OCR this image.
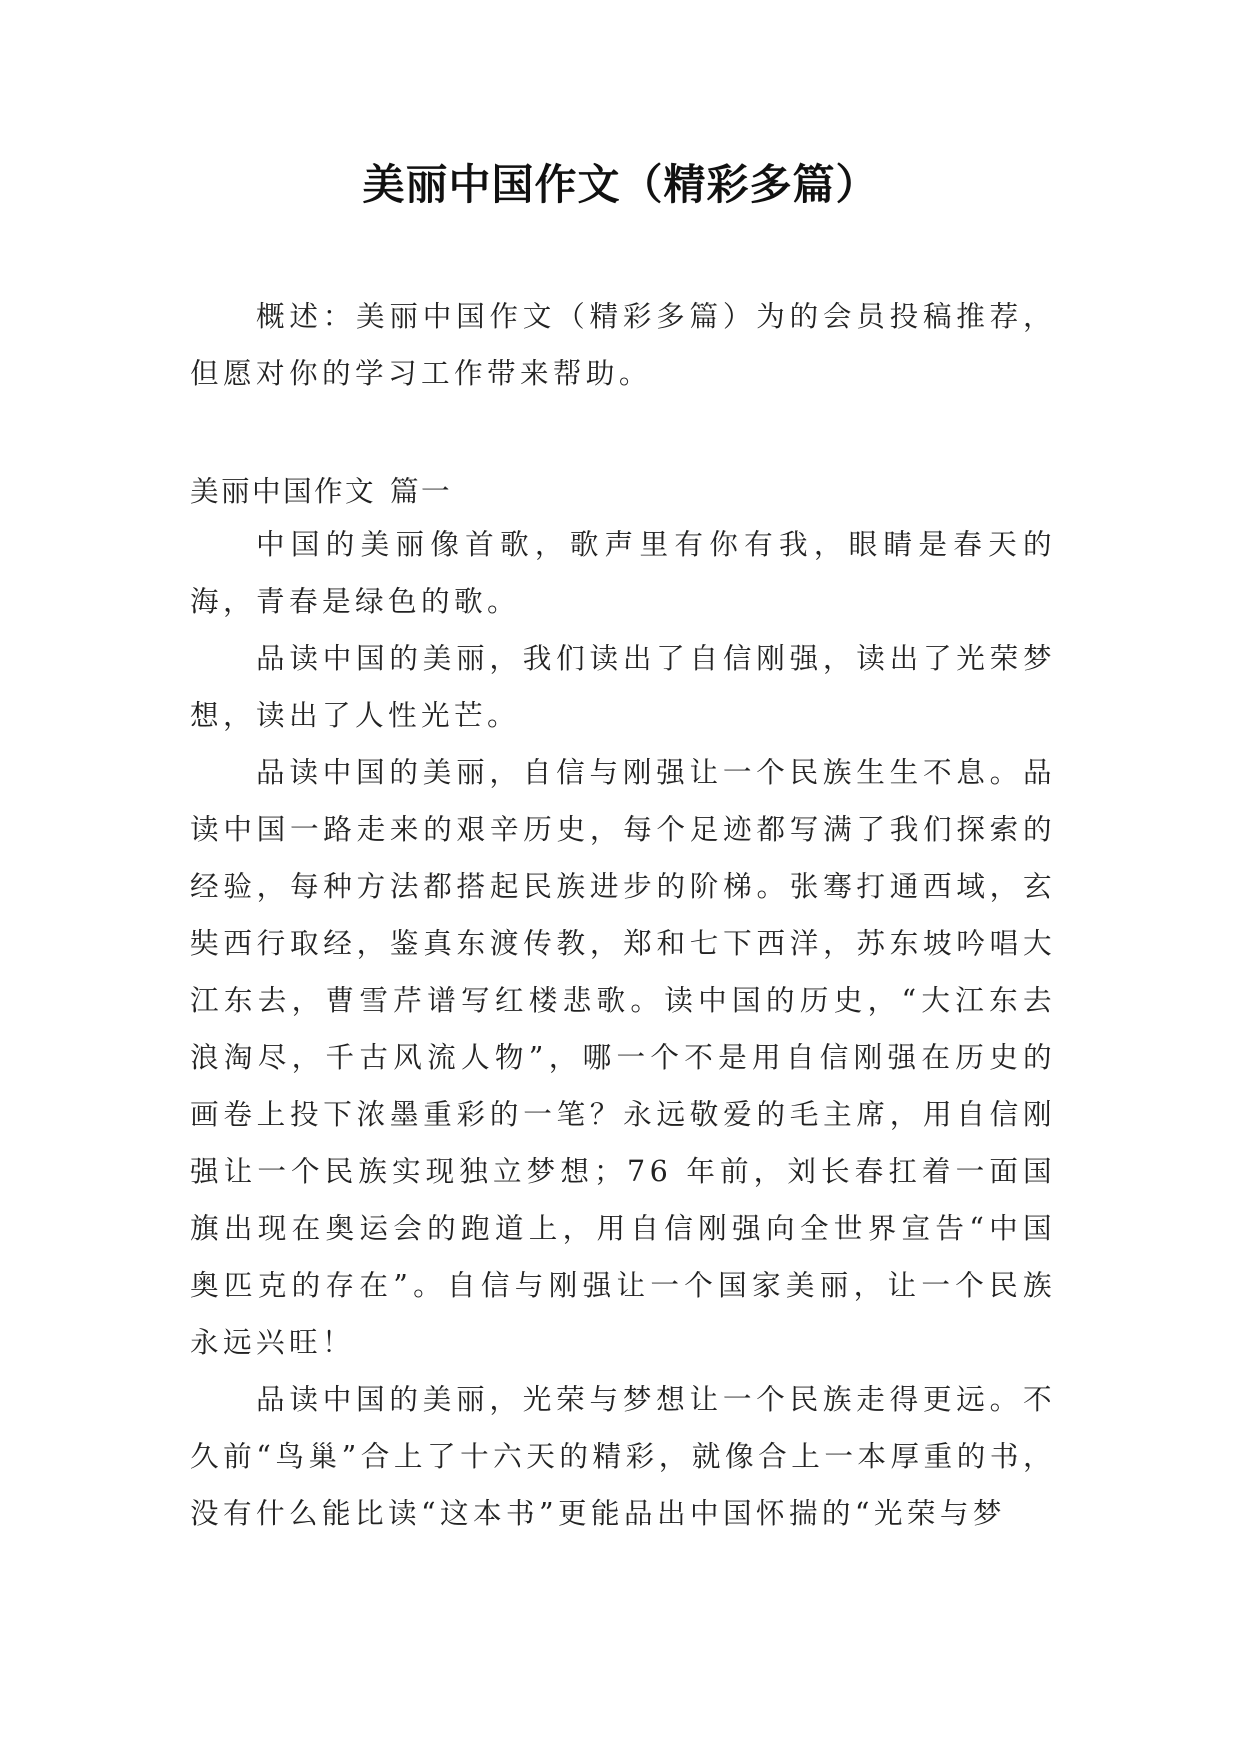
美丽中国作文（精彩多篇）

概述：美丽中国作文（精彩多篇）为的会员投稿推荐，但愿对你的学习工作带来帮助。

美丽中国作文 篇一

中国的美丽像首歌，歌声里有你有我，眼睛是春天的海，青春是绿色的歌。

品读中国的美丽，我们读出了自信刚强，读出了光荣梦想，读出了人性光芒。

品读中国的美丽，自信与刚强让一个民族生生不息。品读中国一路走来的艰辛历史，每个足迹都写满了我们探索的经验，每种方法都搭起民族进步的阶梯。张骞打通西域，玄奘西行取经，鉴真东渡传教，郑和七下西洋，苏东坡吟唱大江东去，曹雪芹谱写红楼悲歌。读中国的历史，“大江东去浪淘尽，千古风流人物”，哪一个不是用自信刚强在历史的画卷上投下浓墨重彩的一笔？永远敬爱的毛主席，用自信刚强让一个民族实现独立梦想；76 年前，刘长春扛着一面国旗出现在奥运会的跑道上，用自信刚强向全世界宣告“中国奥匹克的存在”。自信与刚强让一个国家美丽，让一个民族永远兴旺！

品读中国的美丽，光荣与梦想让一个民族走得更远。不久前“鸟巢”合上了十六天的精彩，就像合上一本厚重的书，没有什么能比读“这本书”更能品出中国怀揣的“光荣与梦
